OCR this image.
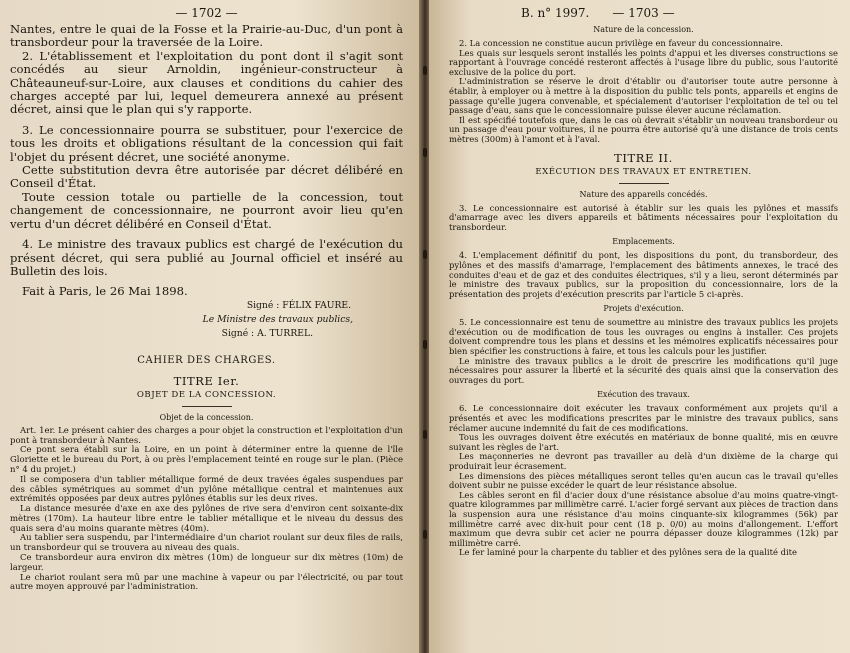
— 1702 —

Nantes, entre le quai de la Fosse et la Prairie-au-Duc, d'un pont à transbordeur pour la traversée de la Loire.

2. L'établissement et l'exploitation du pont dont il s'agit sont concédés au sieur Arnoldin, ingénieur-constructeur à Châteauneuf-sur-Loire, aux clauses et conditions du cahier des charges accepté par lui, lequel demeurera annexé au présent décret, ainsi que le plan qui s'y rapporte.

3. Le concessionnaire pourra se substituer, pour l'exercice de tous les droits et obligations résultant de la concession qui fait l'objet du présent décret, une société anonyme.

Cette substitution devra être autorisée par décret délibéré en Conseil d'État.

Toute cession totale ou partielle de la concession, tout changement de concessionnaire, ne pourront avoir lieu qu'en vertu d'un décret délibéré en Conseil d'État.

4. Le ministre des travaux publics est chargé de l'exécution du présent décret, qui sera publié au Journal officiel et inséré au Bulletin des lois.

Fait à Paris, le 26 Mai 1898.

Signé : FÉLIX FAURE.
Le Ministre des travaux publics,
Signé : A. TURREL.
CAHIER DES CHARGES.
TITRE Ier.
OBJET DE LA CONCESSION.
Objet de la concession.

Art. 1er. Le présent cahier des charges a pour objet la construction et l'exploitation d'un pont à transbordeur à Nantes.

Ce pont sera établi sur la Loire, en un point à déterminer entre la quenne de l'île Gloriette et le bureau du Port, à ou près l'emplacement teinté en rouge sur le plan. (Pièce n° 4 du projet.)

Il se composera d'un tablier métallique formé de deux travées égales suspendues par des câbles symétriques au sommet d'un pylône métallique central et maintenues aux extrémités opposées par deux autres pylônes établis sur les deux rives.

La distance mesurée d'axe en axe des pylônes de rive sera d'environ cent soixante-dix mètres (170m). La hauteur libre entre le tablier métallique et le niveau du dessus des quais sera d'au moins quarante mètres (40m).

Au tablier sera suspendu, par l'intermédiaire d'un chariot roulant sur deux files de rails, un transbordeur qui se trouvera au niveau des quais.

Ce transbordeur aura environ dix mètres (10m) de longueur sur dix mètres (10m) de largeur.

Le chariot roulant sera mû par une machine à vapeur ou par l'électricité, ou par tout autre moyen approuvé par l'administration.

B. n° 1997. — 1703 —
Nature de la concession.

2. La concession ne constitue aucun privilège en faveur du concessionnaire.

Les quais sur lesquels seront installés les points d'appui et les diverses constructions se rapportant à l'ouvrage concédé resteront affectés à l'usage libre du public, sous l'autorité exclusive de la police du port.

L'administration se réserve le droit d'établir ou d'autoriser toute autre personne à établir, à employer ou à mettre à la disposition du public tels ponts, appareils et engins de passage qu'elle jugera convenable, et spécialement d'autoriser l'exploitation de tel ou tel passage d'eau, sans que le concessionnaire puisse élever aucune réclamation.

Il est spécifié toutefois que, dans le cas où devrait s'établir un nouveau transbordeur ou un passage d'eau pour voitures, il ne pourra être autorisé qu'à une distance de trois cents mètres (300m) à l'amont et à l'aval.

TITRE II.
EXÉCUTION DES TRAVAUX ET ENTRETIEN.
Nature des appareils concédés.

3. Le concessionnaire est autorisé à établir sur les quais les pylônes et massifs d'amarrage avec les divers appareils et bâtiments nécessaires pour l'exploitation du transbordeur.

Emplacements.

4. L'emplacement définitif du pont, les dispositions du pont, du transbordeur, des pylônes et des massifs d'amarrage, l'emplacement des bâtiments annexes, le tracé des conduites d'eau et de gaz et des conduites électriques, s'il y a lieu, seront déterminés par le ministre des travaux publics, sur la proposition du concessionnaire, lors de la présentation des projets d'exécution prescrits par l'article 5 ci-après.

Projets d'exécution.

5. Le concessionnaire est tenu de soumettre au ministre des travaux publics les projets d'exécution ou de modification de tous les ouvrages ou engins à installer. Ces projets doivent comprendre tous les plans et dessins et les mémoires explicatifs nécessaires pour bien spécifier les constructions à faire, et tous les calculs pour les justifier.

Le ministre des travaux publics a le droit de prescrire les modifications qu'il juge nécessaires pour assurer la liberté et la sécurité des quais ainsi que la conservation des ouvrages du port.

Exécution des travaux.

6. Le concessionnaire doit exécuter les travaux conformément aux projets qu'il a présentés et avec les modifications prescrites par le ministre des travaux publics, sans réclamer aucune indemnité du fait de ces modifications.

Tous les ouvrages doivent être exécutés en matériaux de bonne qualité, mis en œuvre suivant les règles de l'art.

Les maçonneries ne devront pas travailler au delà d'un dixième de la charge qui produirait leur écrasement.

Les dimensions des pièces métalliques seront telles qu'en aucun cas le travail qu'elles doivent subir ne puisse excéder le quart de leur résistance absolue.

Les câbles seront en fil d'acier doux d'une résistance absolue d'au moins quatre-vingt-quatre kilogrammes par millimètre carré. L'acier forgé servant aux pièces de traction dans la suspension aura une résistance d'au moins cinquante-six kilogrammes (56k) par millimètre carré avec dix-huit pour cent (18 p. 0/0) au moins d'allongement. L'effort maximum que devra subir cet acier ne pourra dépasser douze kilogrammes (12k) par millimètre carré.

Le fer laminé pour la charpente du tablier et des pylônes sera de la qualité dite
